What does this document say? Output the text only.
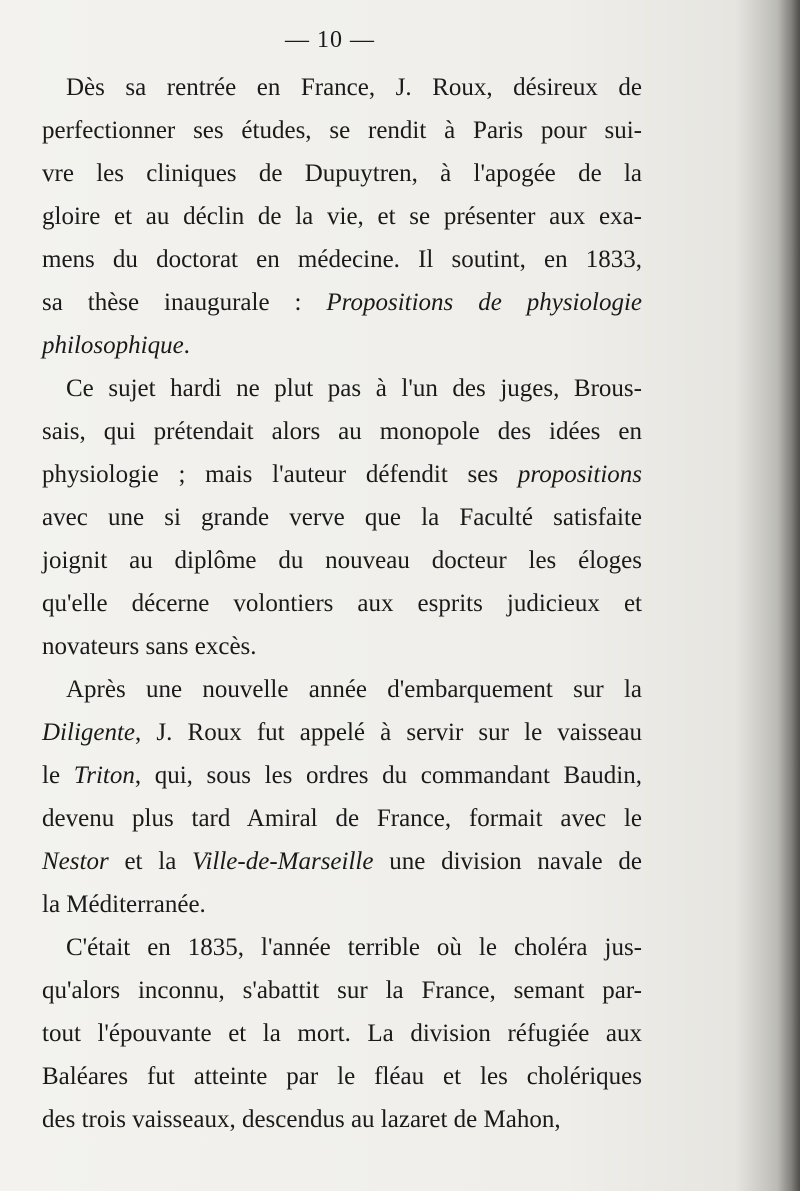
— 10 —
Dès sa rentrée en France, J. Roux, désireux de
perfectionner ses études, se rendit à Paris pour sui-
vre les cliniques de Dupuytren, à l'apogée de la
gloire et au déclin de la vie, et se présenter aux exa-
mens du doctorat en médecine. Il soutint, en 1833,
sa thèse inaugurale : Propositions de physiologie
philosophique.
Ce sujet hardi ne plut pas à l'un des juges, Brous-
sais, qui prétendait alors au monopole des idées en
physiologie ; mais l'auteur défendit ses propositions
avec une si grande verve que la Faculté satisfaite
joignit au diplôme du nouveau docteur les éloges
qu'elle décerne volontiers aux esprits judicieux et
novateurs sans excès.
Après une nouvelle année d'embarquement sur la
Diligente, J. Roux fut appelé à servir sur le vaisseau
le Triton, qui, sous les ordres du commandant Baudin,
devenu plus tard Amiral de France, formait avec le
Nestor et la Ville-de-Marseille une division navale de
la Méditerranée.
C'était en 1835, l'année terrible où le choléra jus-
qu'alors inconnu, s'abattit sur la France, semant par-
tout l'épouvante et la mort. La division réfugiée aux
Baléares fut atteinte par le fléau et les cholériques
des trois vaisseaux, descendus au lazaret de Mahon,
